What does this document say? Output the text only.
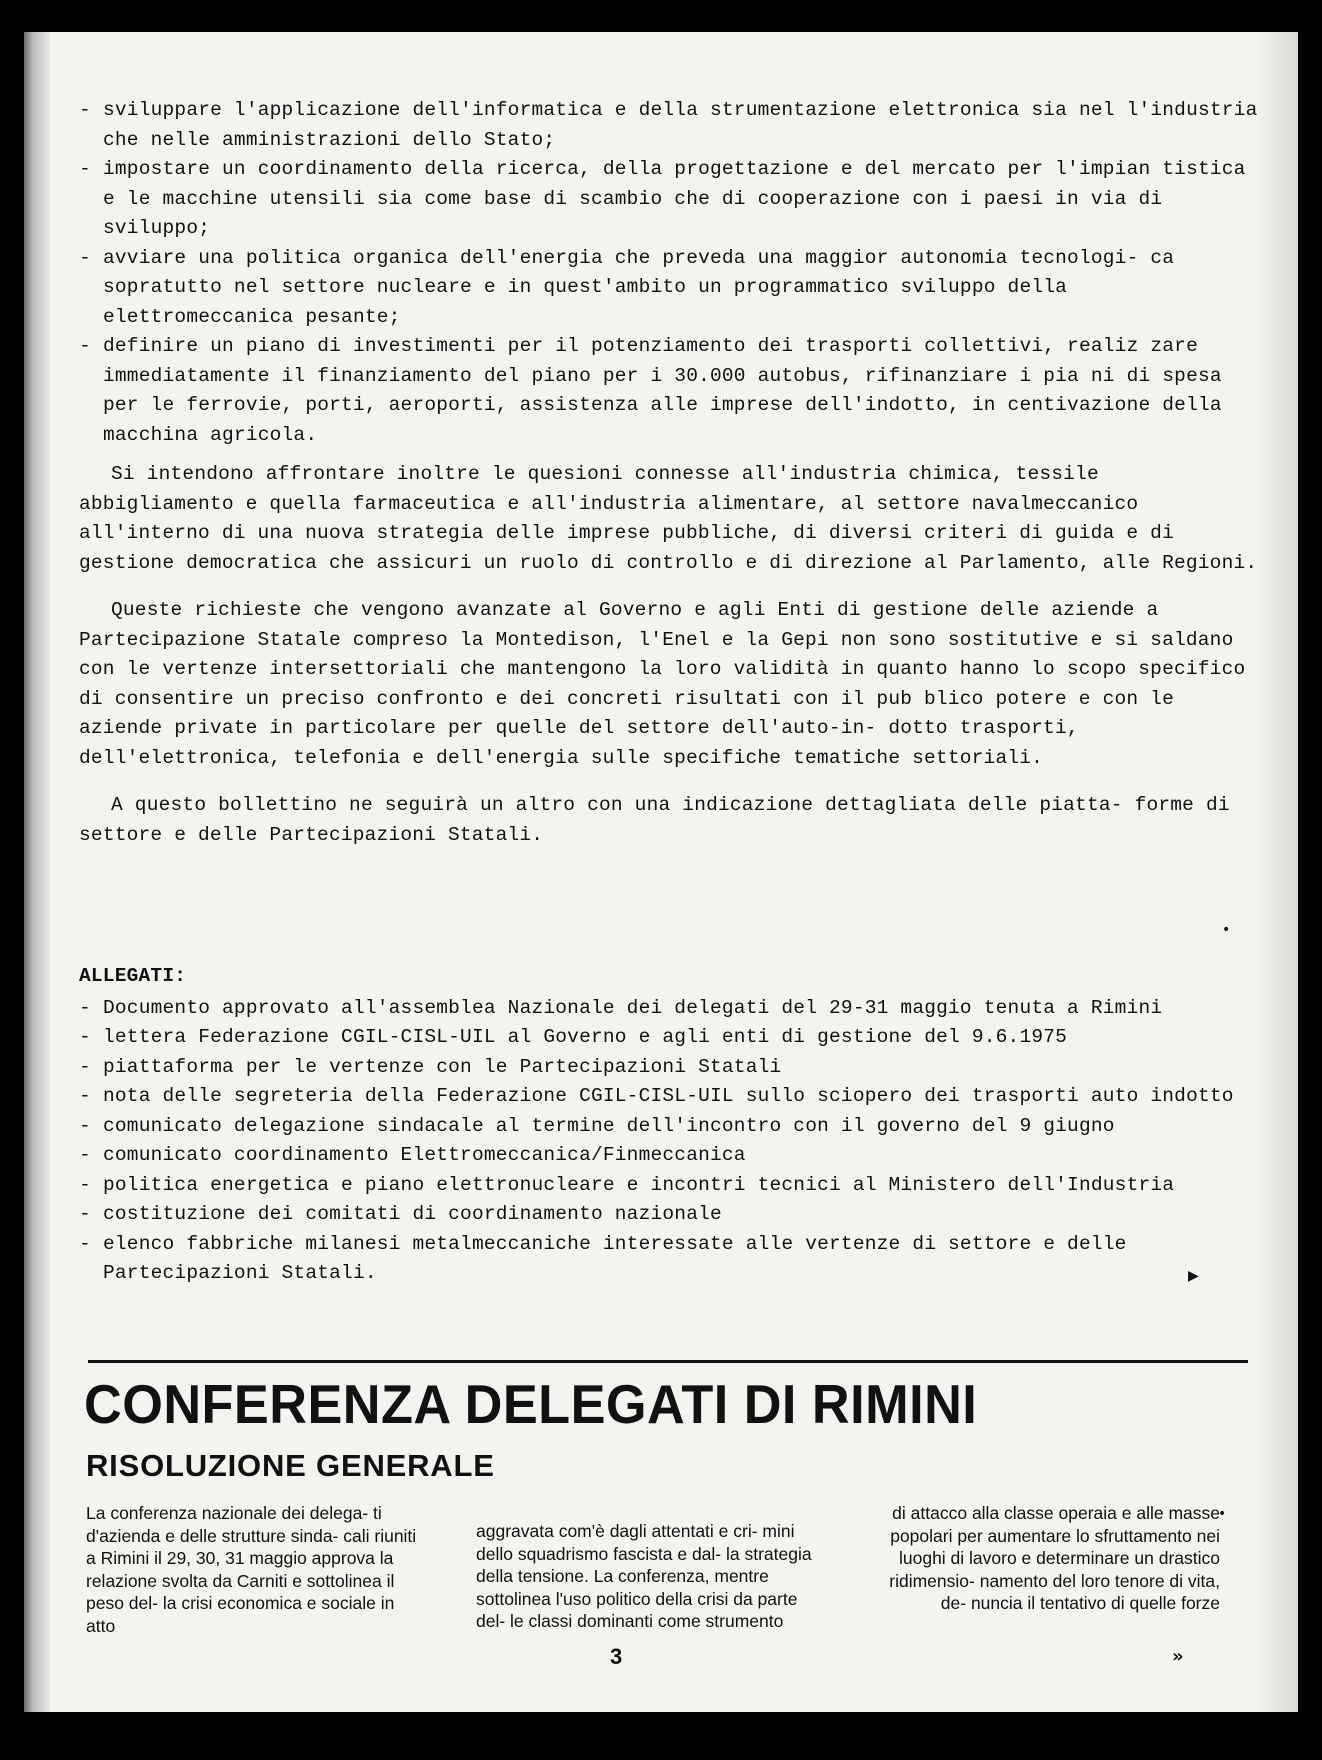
- sviluppare l'applicazione dell'informatica e della strumentazione elettronica sia nel l'industria che nelle amministrazioni dello Stato;
- impostare un coordinamento della ricerca, della progettazione e del mercato per l'impian tistica e le macchine utensili sia come base di scambio che di cooperazione con i paesi in via di sviluppo;
- avviare una politica organica dell'energia che preveda una maggior autonomia tecnologi- ca sopratutto nel settore nucleare e in quest'ambito un programmatico sviluppo della elettromeccanica pesante;
- definire un piano di investimenti per il potenziamento dei trasporti collettivi, realiz zare immediatamente il finanziamento del piano per i 30.000 autobus, rifinanziare i pia ni di spesa per le ferrovie, porti, aeroporti, assistenza alle imprese dell'indotto, in centivazione della macchina agricola.

Si intendono affrontare inoltre le quesioni connesse all'industria chimica, tessile abbigliamento e quella farmaceutica e all'industria alimentare, al settore navalmeccanico all'interno di una nuova strategia delle imprese pubbliche, di diversi criteri di guida e di gestione democratica che assicuri un ruolo di controllo e di direzione al Parlamento, alle Regioni.

Queste richieste che vengono avanzate al Governo e agli Enti di gestione delle aziende a Partecipazione Statale compreso la Montedison, l'Enel e la Gepi non sono sostitutive e si saldano con le vertenze intersettoriali che mantengono la loro validità in quanto hanno lo scopo specifico di consentire un preciso confronto e dei concreti risultati con il pub blico potere e con le aziende private in particolare per quelle del settore dell'auto-in- dotto trasporti, dell'elettronica, telefonia e dell'energia sulle specifiche tematiche settoriali.

A questo bollettino ne seguirà un altro con una indicazione dettagliata delle piatta- forme di settore e delle Partecipazioni Statali.

ALLEGATI:
- Documento approvato all'assemblea Nazionale dei delegati del 29-31 maggio tenuta a Rimini
- lettera Federazione CGIL-CISL-UIL al Governo e agli enti di gestione del 9.6.1975
- piattaforma per le vertenze con le Partecipazioni Statali
- nota delle segreteria della Federazione CGIL-CISL-UIL sullo sciopero dei trasporti auto indotto
- comunicato delegazione sindacale al termine dell'incontro con il governo del 9 giugno
- comunicato coordinamento Elettromeccanica/Finmeccanica
- politica energetica e piano elettronucleare e incontri tecnici al Ministero dell'Industria
- costituzione dei comitati di coordinamento nazionale
- elenco fabbriche milanesi metalmeccaniche interessate alle vertenze di settore e delle Partecipazioni Statali.
•
▶
CONFERENZA DELEGATI DI RIMINI
RISOLUZIONE GENERALE
•
La conferenza nazionale dei delega- ti d'azienda e delle strutture sinda- cali riuniti a Rimini il 29, 30, 31 maggio approva la relazione svolta da Carniti e sottolinea il peso del- la crisi economica e sociale in atto
aggravata com'è dagli attentati e cri- mini dello squadrismo fascista e dal- la strategia della tensione. La conferenza, mentre sottolinea l'uso politico della crisi da parte del- le classi dominanti come strumento
di attacco alla classe operaia e alle masse popolari per aumentare lo sfruttamento nei luoghi di lavoro e determinare un drastico ridimensio- namento del loro tenore di vita, de- nuncia il tentativo di quelle forze
3	»
